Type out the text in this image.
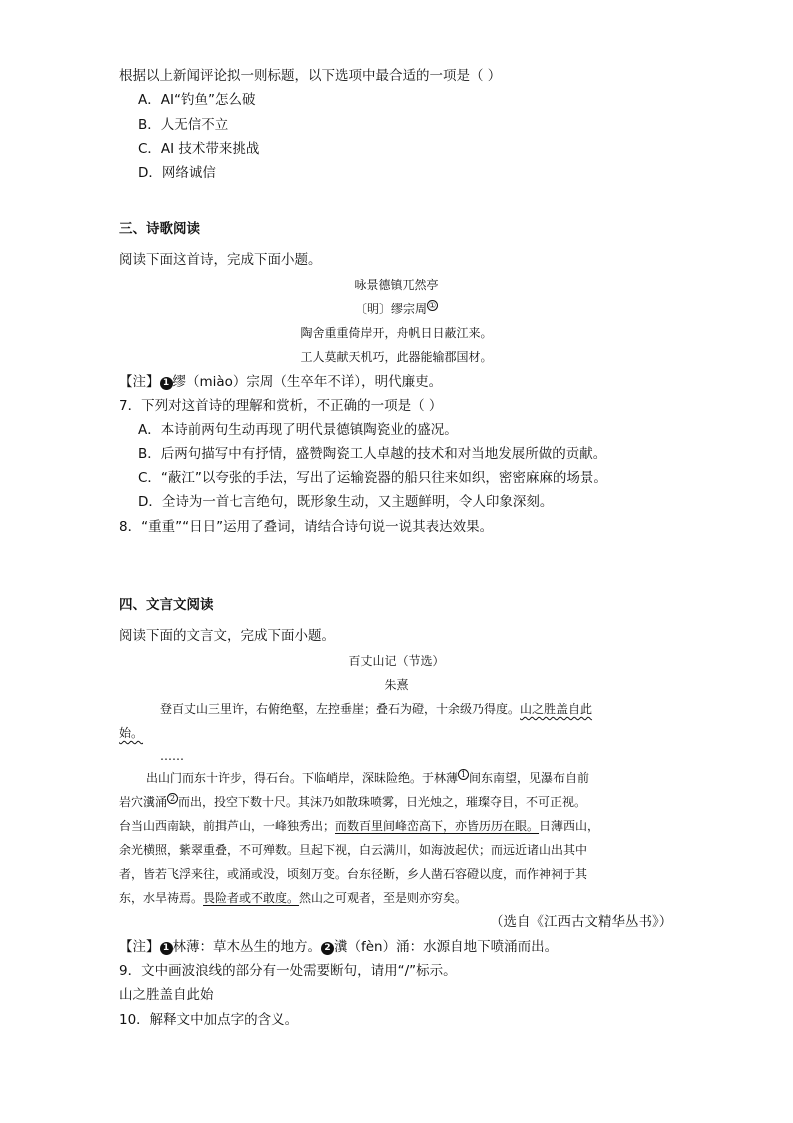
根据以上新闻评论拟一则标题，以下选项中最合适的一项是（ ）
A．AI“钓鱼”怎么破
B．人无信不立
C．AI 技术带来挑战
D．网络诚信
三、诗歌阅读
阅读下面这首诗，完成下面小题。
咏景德镇兀然亭
〔明〕缪宗周 ①
陶舍重重倚岸开，舟帆日日蔽江来。
工人莫献天机巧，此器能输郡国材。
【注】 1 缪（miào）宗周（生卒年不详），明代廉吏。
7．下列对这首诗的理解和赏析，不正确的一项是（ ）
A．本诗前两句生动再现了明代景德镇陶瓷业的盛况。
B．后两句描写中有抒情，盛赞陶瓷工人卓越的技术和对当地发展所做的贡献。
C．“蔽江”以夸张的手法，写出了运输瓷器的船只往来如织，密密麻麻的场景。
D．全诗为一首七言绝句，既形象生动，又主题鲜明，令人印象深刻。
8．“重重”“日日”运用了叠词，请结合诗句说一说其表达效果。
四、文言文阅读
阅读下面的文言文，完成下面小题。
百丈山记（节选）
朱熹
登百丈山三里许，右俯绝壑，左控垂崖；叠石为磴，十余级乃得度。山之胜盖自此
始。
……
出山门而东十许步，得石台。下临峭岸，深昧险绝。于林薄 1 间东南望，见瀑布自前
岩穴瀵涌 2 而出，投空下数十尺。其沫乃如散珠喷雾，日光烛之，璀璨夺目，不可正视。
台当山西南缺，前揖芦山，一峰独秀出；而数百里间峰峦高下，亦皆历历在眼。日薄西山，
余光横照，紫翠重叠，不可殚数。旦起下视，白云满川，如海波起伏；而远近诸山出其中
者，皆若飞浮来往，或涌或没，顷刻万变。台东径断，乡人凿石容磴以度，而作神祠于其
东，水旱祷焉。畏险者或不敢度。然山之可观者，至是则亦穷矣。
（选自《江西古文精华丛书》）
【注】 1 林薄：草木丛生的地方。 2 瀵（fèn）涌：水源自地下喷涌而出。
9．文中画波浪线的部分有一处需要断句，请用“/”标示。
山之胜盖自此始
10．解释文中加点字的含义。
